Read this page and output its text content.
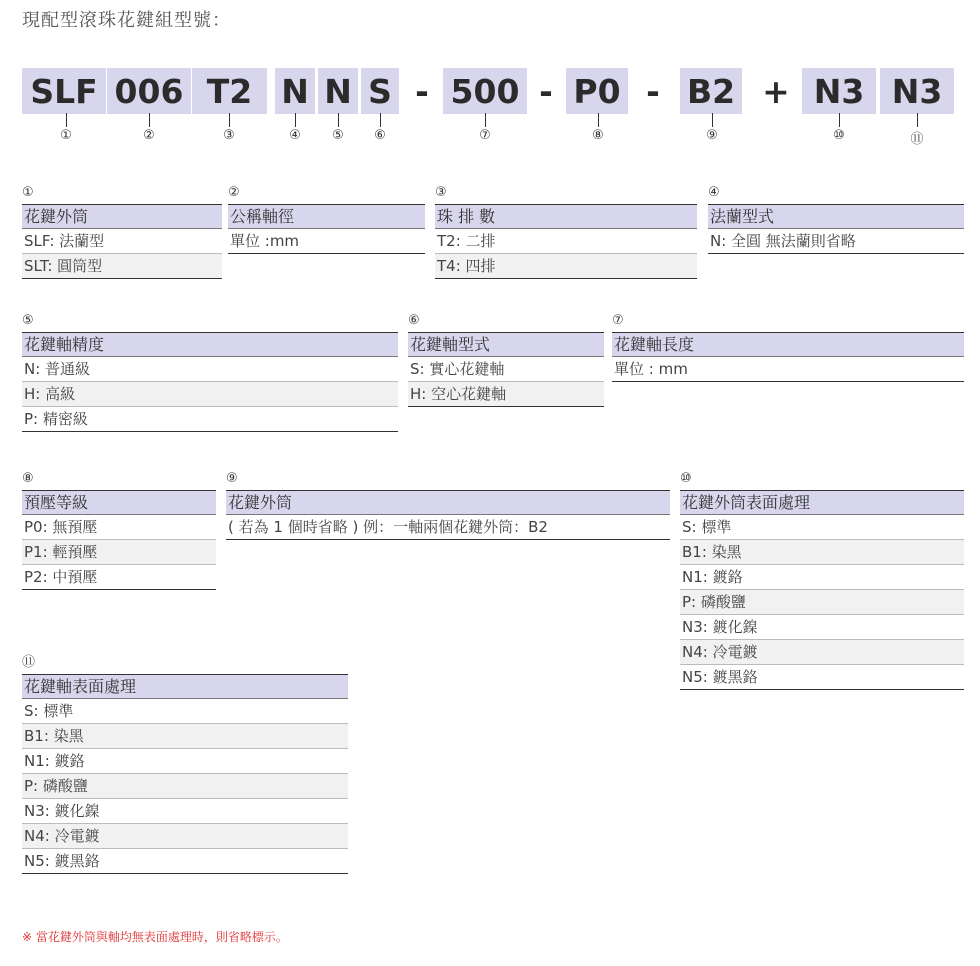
現配型滾珠花鍵組型號：
SLF 006 T2 N N S - 500 - P0 - B2 + N3 N3
①	②	③	④	⑤	⑥	⑦	⑧	⑨	⑩	⑪
①
花鍵外筒
SLF: 法蘭型
SLT: 圓筒型
②
公稱軸徑
單位 :mm
③
珠 排 數
T2: 二排
T4: 四排
④
法蘭型式
N: 全圓 無法蘭則省略
⑤
花鍵軸精度
N: 普通級
H: 高級
P: 精密級
⑥
花鍵軸型式
S: 實心花鍵軸
H: 空心花鍵軸
⑦
花鍵軸長度
單位 : mm
⑧
預壓等級
P0: 無預壓
P1: 輕預壓
P2: 中預壓
⑨
花鍵外筒
( 若為 1 個時省略 ) 例：一軸兩個花鍵外筒：B2
⑩
花鍵外筒表面處理
S: 標準
B1: 染黑
N1: 鍍鉻
P: 磷酸鹽
N3: 鍍化鎳
N4: 冷電鍍
N5: 鍍黑鉻
⑪
花鍵軸表面處理
S: 標準
B1: 染黑
N1: 鍍鉻
P: 磷酸鹽
N3: 鍍化鎳
N4: 冷電鍍
N5: 鍍黑鉻
※ 當花鍵外筒與軸均無表面處理時，則省略標示。
